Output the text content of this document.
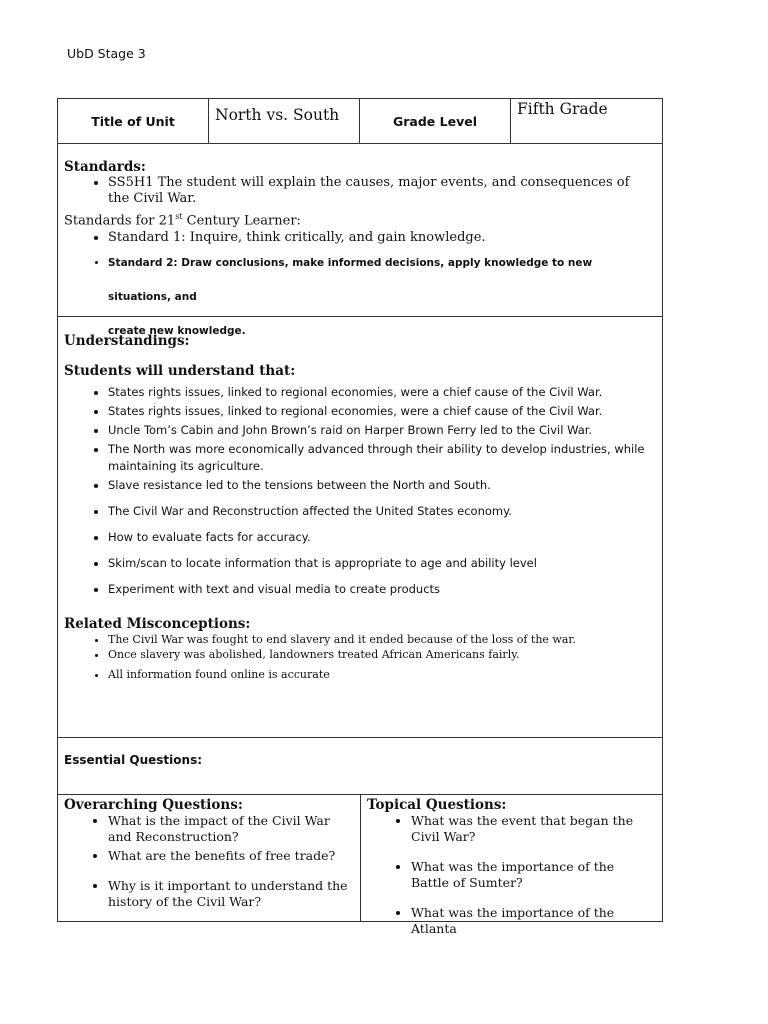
UbD Stage 3
Title of Unit	North vs. South	Grade Level
Fifth Grade
Standards:
• SS5H1 The student will explain the causes, major events, and consequences of the Civil War.
Standards for 21st Century Learner:
• Standard 1: Inquire, think critically, and gain knowledge.
• Standard 2: Draw conclusions, make informed decisions, apply knowledge to new situations, and
create new knowledge.
Understandings:
Students will understand that:
• States rights issues, linked to regional economies, were a chief cause of the Civil War.
• States rights issues, linked to regional economies, were a chief cause of the Civil War.
• Uncle Tom’s Cabin and John Brown’s raid on Harper Brown Ferry led to the Civil War.
• The North was more economically advanced through their ability to develop industries, while maintaining its agriculture.
• Slave resistance led to the tensions between the North and South.
• The Civil War and Reconstruction affected the United States economy.
• How to evaluate facts for accuracy.
• Skim/scan to locate information that is appropriate to age and ability level
• Experiment with text and visual media to create products
Related Misconceptions:
• The Civil War was fought to end slavery and it ended because of the loss of the war.
• Once slavery was abolished, landowners treated African Americans fairly.
• All information found online is accurate
Essential Questions:
Overarching Questions:
• What is the impact of the Civil War and Reconstruction?
• What are the benefits of free trade?
• Why is it important to understand the history of the Civil War?
Topical Questions:
• What was the event that began the Civil War?
• What was the importance of the Battle of Sumter?
• What was the importance of the Atlanta
